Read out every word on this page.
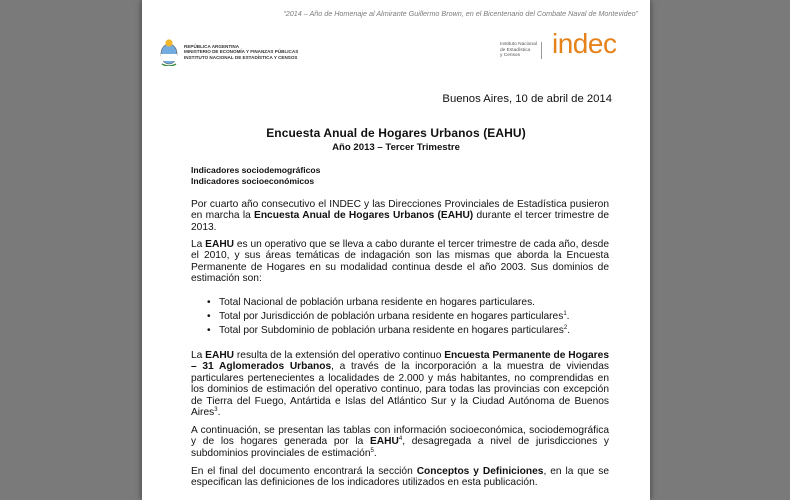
“2014 – Año de Homenaje al Almirante Guillermo Brown, en el Bicentenario del Combate Naval de Montevideo”
REPÚBLICA ARGENTINA
MINISTERIO DE ECONOMÍA Y FINANZAS PÚBLICAS
INSTITUTO NACIONAL DE ESTADÍSTICA Y CENSOS
Instituto Nacional
de Estadística
y Censos	indec
Buenos Aires, 10 de abril de 2014
Encuesta Anual de Hogares Urbanos (EAHU)
Año 2013 – Tercer Trimestre
Indicadores sociodemográficos
Indicadores socioeconómicos
Por cuarto año consecutivo el INDEC y las Direcciones Provinciales de Estadística pusieron en marcha la Encuesta Anual de Hogares Urbanos (EAHU) durante el tercer trimestre de 2013.
La EAHU es un operativo que se lleva a cabo durante el tercer trimestre de cada año, desde el 2010, y sus áreas temáticas de indagación son las mismas que aborda la Encuesta Permanente de Hogares en su modalidad continua desde el año 2003. Sus dominios de estimación son:
• Total Nacional de población urbana residente en hogares particulares.
• Total por Jurisdicción de población urbana residente en hogares particulares$^1$.
• Total por Subdominio de población urbana residente en hogares particulares$^2$.
La EAHU resulta de la extensión del operativo continuo Encuesta Permanente de Hogares – 31 Aglomerados Urbanos, a través de la incorporación a la muestra de viviendas particulares pertenecientes a localidades de 2.000 y más habitantes, no comprendidas en los dominios de estimación del operativo continuo, para todas las provincias con excepción de Tierra del Fuego, Antártida e Islas del Atlántico Sur y la Ciudad Autónoma de Buenos Aires$^3$.
A continuación, se presentan las tablas con información socioeconómica, sociodemográfica y de los hogares generada por la EAHU$^4$, desagregada a nivel de jurisdicciones y subdominios provinciales de estimación$^5$.
En el final del documento encontrará la sección Conceptos y Definiciones, en la que se especifican las definiciones de los indicadores utilizados en esta publicación.
